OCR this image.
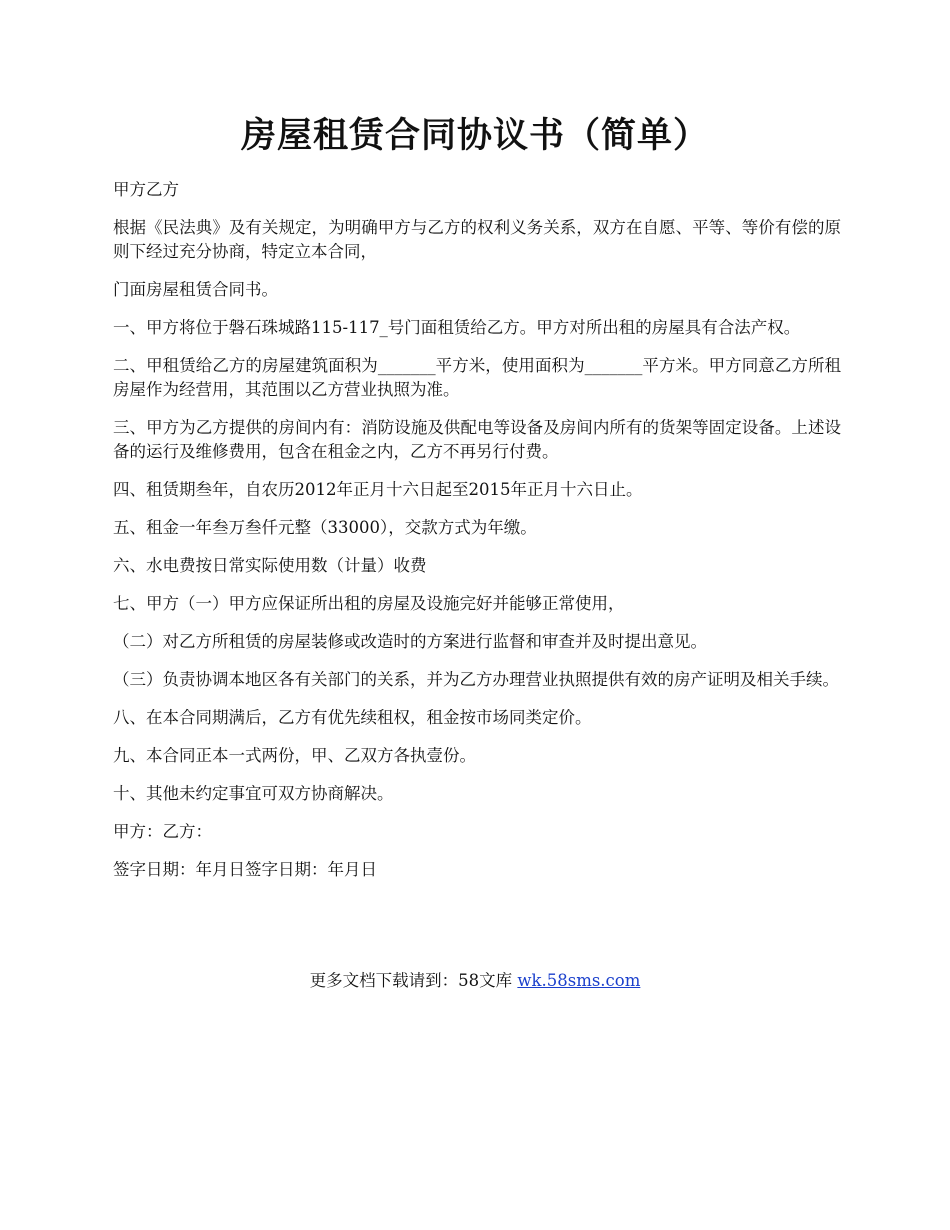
房屋租赁合同协议书（简单）

甲方乙方

根据《民法典》及有关规定，为明确甲方与乙方的权利义务关系，双方在自愿、平等、等价有偿的原则下经过充分协商，特定立本合同，

门面房屋租赁合同书。

一、甲方将位于磐石珠城路115-117_号门面租赁给乙方。甲方对所出租的房屋具有合法产权。

二、甲租赁给乙方的房屋建筑面积为_______平方米，使用面积为_______平方米。甲方同意乙方所租房屋作为经营用，其范围以乙方营业执照为准。

三、甲方为乙方提供的房间内有：消防设施及供配电等设备及房间内所有的货架等固定设备。上述设备的运行及维修费用，包含在租金之内，乙方不再另行付费。

四、租赁期叁年，自农历2012年正月十六日起至2015年正月十六日止。

五、租金一年叁万叁仟元整（33000），交款方式为年缴。

六、水电费按日常实际使用数（计量）收费

七、甲方（一）甲方应保证所出租的房屋及设施完好并能够正常使用，

（二）对乙方所租赁的房屋装修或改造时的方案进行监督和审查并及时提出意见。

（三）负责协调本地区各有关部门的关系，并为乙方办理营业执照提供有效的房产证明及相关手续。

八、在本合同期满后，乙方有优先续租权，租金按市场同类定价。

九、本合同正本一式两份，甲、乙双方各执壹份。

十、其他未约定事宜可双方协商解决。

甲方：乙方：

签字日期：年月日签字日期：年月日

更多文档下载请到：58文库 wk.58sms.com
